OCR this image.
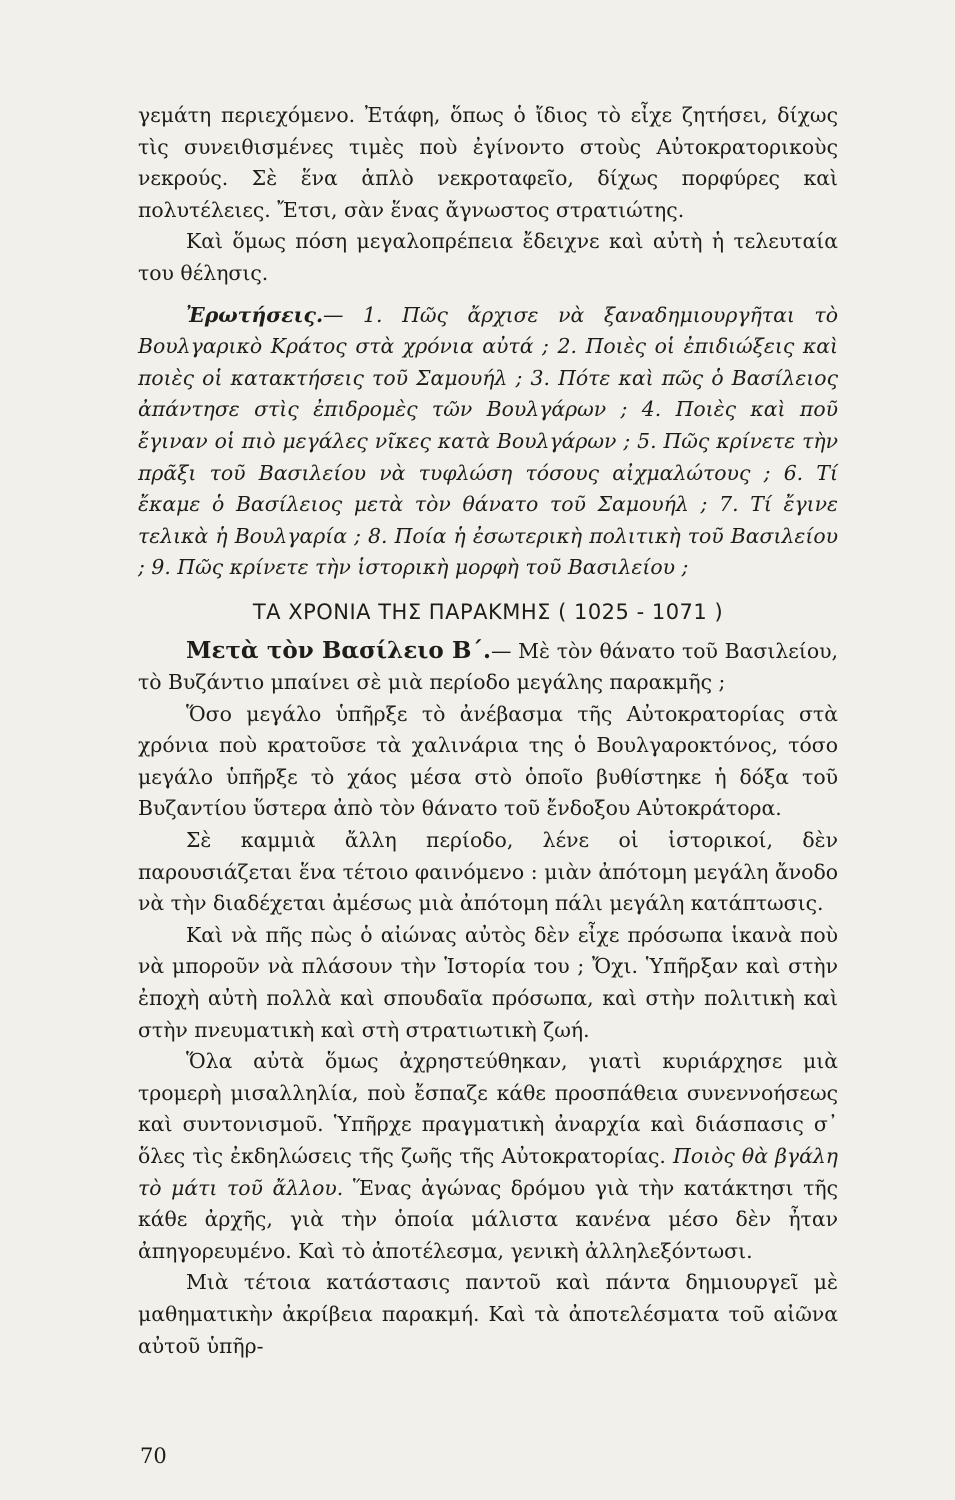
γεμάτη περιεχόμενο. Ἐτάφη, ὅπως ὁ ἴδιος τὸ εἶχε ζητήσει, δίχως τὶς συνειθισμένες τιμὲς ποὺ ἐγίνοντο στοὺς Αὐτοκρατορικοὺς νεκρούς. Σὲ ἕνα ἁπλὸ νεκροταφεῖο, δίχως πορφύρες καὶ πολυτέλειες. Ἔτσι, σὰν ἕνας ἄγνωστος στρατιώτης.

Καὶ ὅμως πόση μεγαλοπρέπεια ἔδειχνε καὶ αὐτὴ ἡ τελευταία του θέλησις.

Ἐρωτήσεις.— 1. Πῶς ἄρχισε νὰ ξαναδημιουργῆται τὸ Βουλγαρικὸ Κράτος στὰ χρόνια αὐτά ; 2. Ποιὲς οἱ ἐπιδιώξεις καὶ ποιὲς οἱ κατακτήσεις τοῦ Σαμουήλ ; 3. Πότε καὶ πῶς ὁ Βασίλειος ἀπάντησε στὶς ἐπιδρομὲς τῶν Βουλγάρων ; 4. Ποιὲς καὶ ποῦ ἔγιναν οἱ πιὸ μεγάλες νῖκες κατὰ Βουλγάρων ; 5. Πῶς κρίνετε τὴν πρᾶξι τοῦ Βασιλείου νὰ τυφλώση τόσους αἰχμαλώτους ; 6. Τί ἔκαμε ὁ Βασίλειος μετὰ τὸν θάνατο τοῦ Σαμουήλ ; 7. Τί ἔγινε τελικὰ ἡ Βουλγαρία ; 8. Ποία ἡ ἐσωτερικὴ πολιτικὴ τοῦ Βασιλείου ; 9. Πῶς κρίνετε τὴν ἱστορικὴ μορφὴ τοῦ Βασιλείου ;

ΤΑ ΧΡΟΝΙΑ ΤΗΣ ΠΑΡΑΚΜΗΣ ( 1025 - 1071 )

Μετὰ τὸν Βασίλειο Β΄.— Μὲ τὸν θάνατο τοῦ Βασιλείου, τὸ Βυζάντιο μπαίνει σὲ μιὰ περίοδο μεγάλης παρακμῆς ;

Ὅσο μεγάλο ὑπῆρξε τὸ ἀνέβασμα τῆς Αὐτοκρατορίας στὰ χρόνια ποὺ κρατοῦσε τὰ χαλινάρια της ὁ Βουλγαροκτόνος, τόσο μεγάλο ὑπῆρξε τὸ χάος μέσα στὸ ὁποῖο βυθίστηκε ἡ δόξα τοῦ Βυζαντίου ὕστερα ἀπὸ τὸν θάνατο τοῦ ἔνδοξου Αὐτοκράτορα.

Σὲ καμμιὰ ἄλλη περίοδο, λένε οἱ ἱστορικοί, δὲν παρουσιάζεται ἕνα τέτοιο φαινόμενο : μιὰν ἀπότομη μεγάλη ἄνοδο νὰ τὴν διαδέχεται ἀμέσως μιὰ ἀπότομη πάλι μεγάλη κατάπτωσις.

Καὶ νὰ πῆς πὼς ὁ αἰώνας αὐτὸς δὲν εἶχε πρόσωπα ἱκανὰ ποὺ νὰ μποροῦν νὰ πλάσουν τὴν Ἱστορία του ; Ὄχι. Ὑπῆρξαν καὶ στὴν ἐποχὴ αὐτὴ πολλὰ καὶ σπουδαῖα πρόσωπα, καὶ στὴν πολιτικὴ καὶ στὴν πνευματικὴ καὶ στὴ στρατιωτικὴ ζωή.

Ὅλα αὐτὰ ὅμως ἀχρηστεύθηκαν, γιατὶ κυριάρχησε μιὰ τρομερὴ μισαλληλία, ποὺ ἔσπαζε κάθε προσπάθεια συνεννοήσεως καὶ συντονισμοῦ. Ὑπῆρχε πραγματικὴ ἀναρχία καὶ διάσπασις σ᾿ ὅλες τὶς ἐκδηλώσεις τῆς ζωῆς τῆς Αὐτοκρατορίας. Ποιὸς θὰ βγάλη τὸ μάτι τοῦ ἄλλου. Ἕνας ἀγώνας δρόμου γιὰ τὴν κατάκτησι τῆς κάθε ἀρχῆς, γιὰ τὴν ὁποία μάλιστα κανένα μέσο δὲν ἦταν ἀπηγορευμένο. Καὶ τὸ ἀποτέλεσμα, γενικὴ ἀλληλεξόντωσι.

Μιὰ τέτοια κατάστασις παντοῦ καὶ πάντα δημιουργεῖ μὲ μαθηματικὴν ἀκρίβεια παρακμή. Καὶ τὰ ἀποτελέσματα τοῦ αἰῶνα αὐτοῦ ὑπῆρ-

70
